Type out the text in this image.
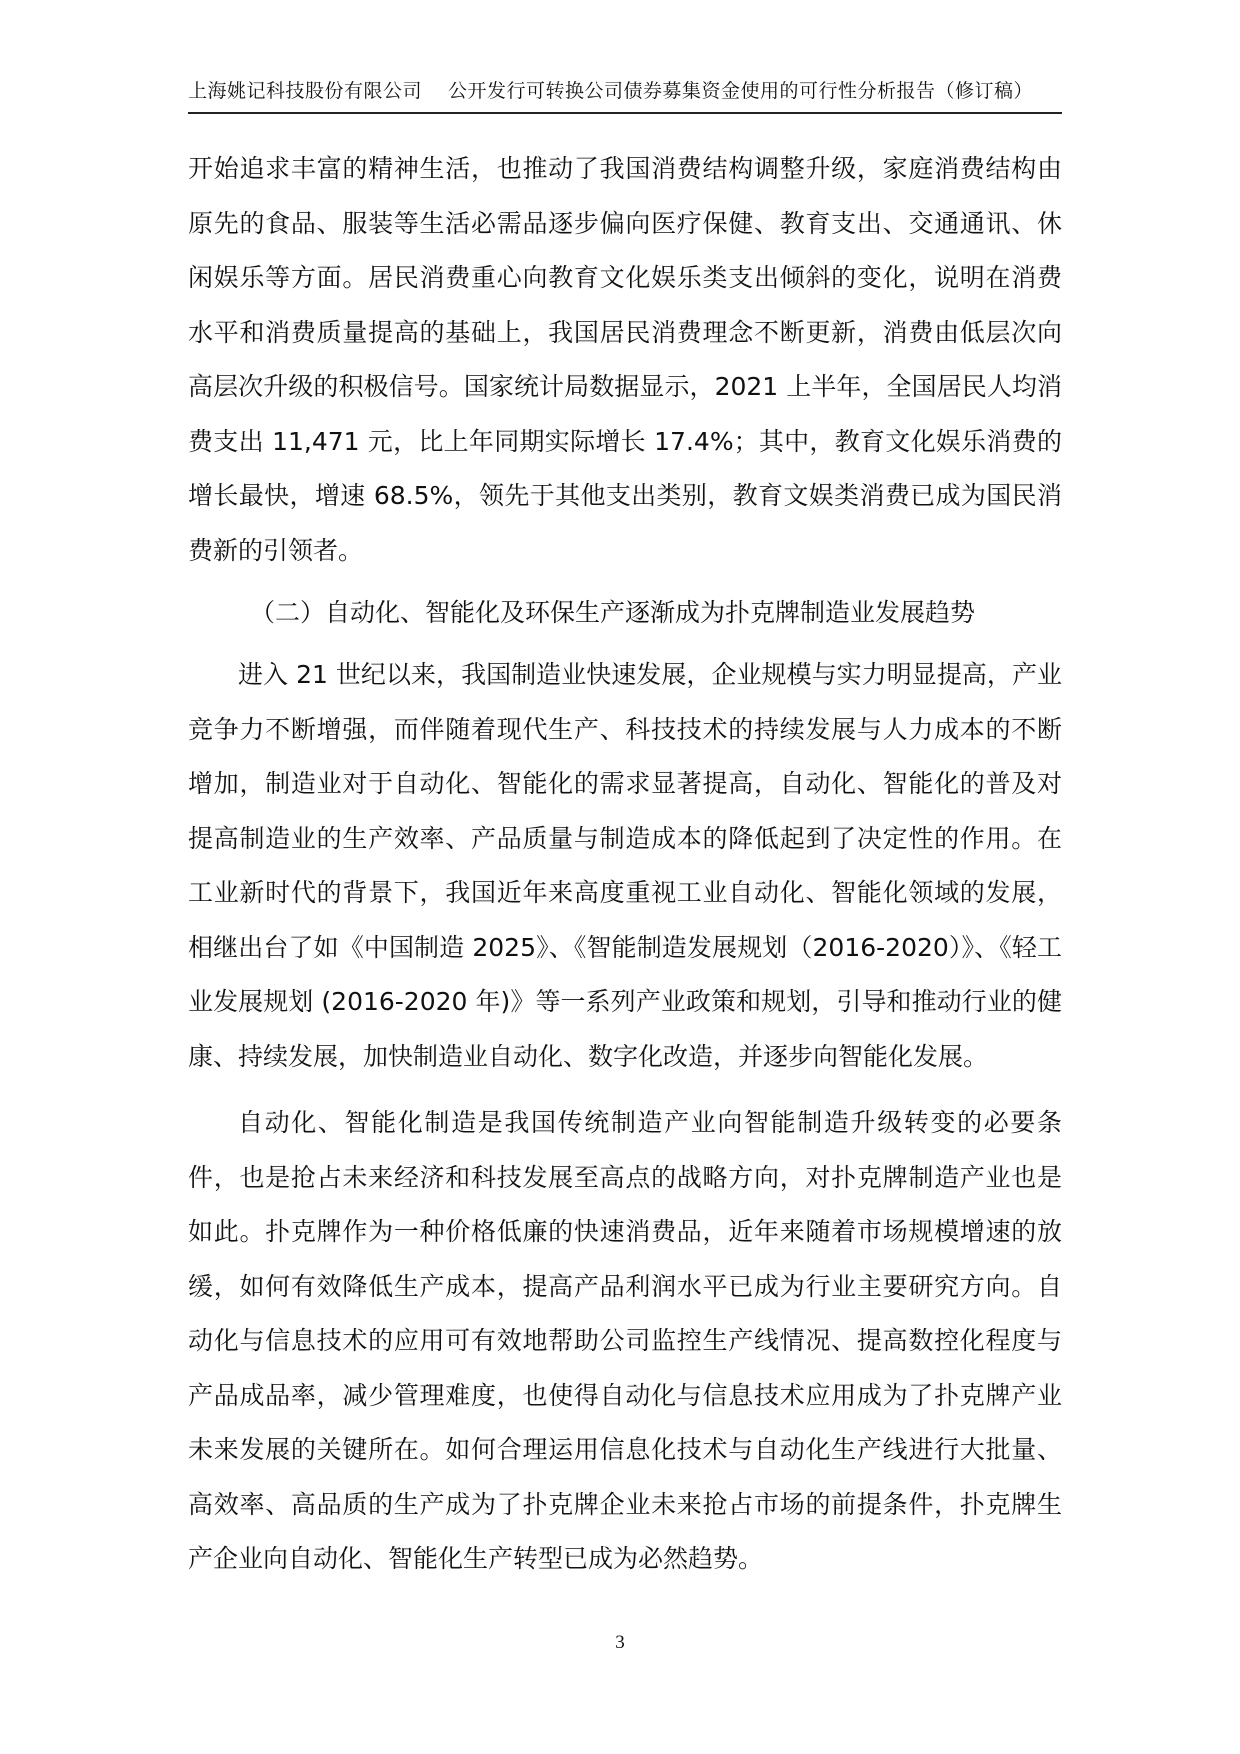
上海姚记科技股份有限公司 公开发行可转换公司债券募集资金使用的可行性分析报告（修订稿）

开始追求丰富的精神生活，也推动了我国消费结构调整升级，家庭消费结构由原先的食品、服装等生活必需品逐步偏向医疗保健、教育支出、交通通讯、休闲娱乐等方面。居民消费重心向教育文化娱乐类支出倾斜的变化，说明在消费水平和消费质量提高的基础上，我国居民消费理念不断更新，消费由低层次向高层次升级的积极信号。国家统计局数据显示，2021 上半年，全国居民人均消费支出 11,471 元，比上年同期实际增长 17.4%；其中，教育文化娱乐消费的增长最快，增速 68.5%，领先于其他支出类别，教育文娱类消费已成为国民消费新的引领者。

（二）自动化、智能化及环保生产逐渐成为扑克牌制造业发展趋势

进入 21 世纪以来，我国制造业快速发展，企业规模与实力明显提高，产业竞争力不断增强，而伴随着现代生产、科技技术的持续发展与人力成本的不断增加，制造业对于自动化、智能化的需求显著提高，自动化、智能化的普及对提高制造业的生产效率、产品质量与制造成本的降低起到了决定性的作用。在工业新时代的背景下，我国近年来高度重视工业自动化、智能化领域的发展，相继出台了如《中国制造 2025》、《智能制造发展规划（2016-2020）》、《轻工业发展规划 (2016-2020 年)》等一系列产业政策和规划，引导和推动行业的健康、持续发展，加快制造业自动化、数字化改造，并逐步向智能化发展。

自动化、智能化制造是我国传统制造产业向智能制造升级转变的必要条件，也是抢占未来经济和科技发展至高点的战略方向，对扑克牌制造产业也是如此。扑克牌作为一种价格低廉的快速消费品，近年来随着市场规模增速的放缓，如何有效降低生产成本，提高产品利润水平已成为行业主要研究方向。自动化与信息技术的应用可有效地帮助公司监控生产线情况、提高数控化程度与产品成品率，减少管理难度，也使得自动化与信息技术应用成为了扑克牌产业未来发展的关键所在。如何合理运用信息化技术与自动化生产线进行大批量、高效率、高品质的生产成为了扑克牌企业未来抢占市场的前提条件，扑克牌生产企业向自动化、智能化生产转型已成为必然趋势。

3
